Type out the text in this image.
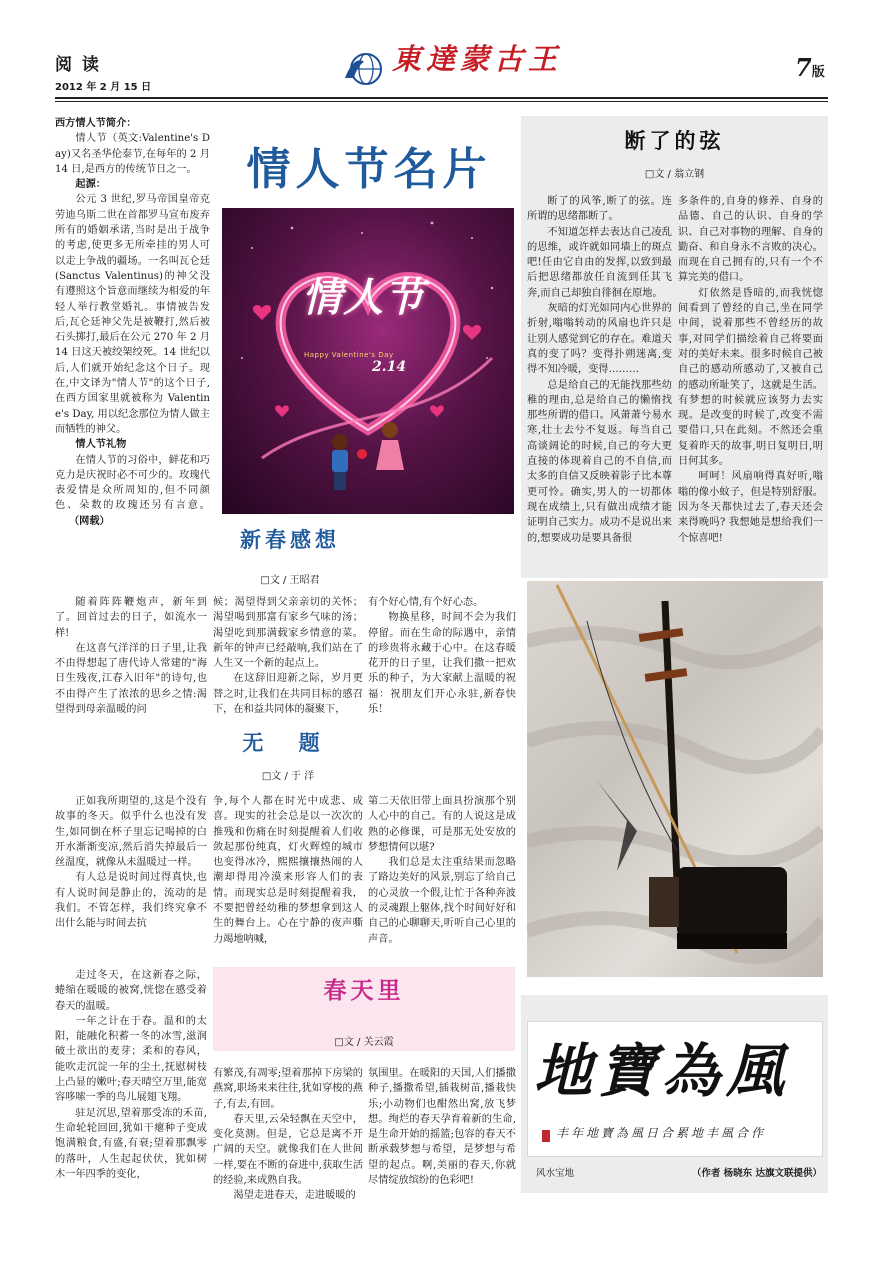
阅 读
2012 年 2 月 15 日
東達蒙古王	7版

西方情人节简介：

情人节（英文:Valentine's Day)又名圣华伦泰节,在每年的 2 月 14 日,是西方的传统节日之一。

起源：

公元 3 世纪,罗马帝国皇帝克劳迪乌斯二世在首都罗马宣布废弃所有的婚姻承诺,当时是出于战争的考虑,使更多无所牵挂的男人可以走上争战的疆场。一名叫瓦仑廷(Sanctus Valentinus)的神父没有遵照这个旨意而继续为相爱的年轻人举行教堂婚礼。事情被告发后,瓦仑廷神父先是被鞭打,然后被石头掷打,最后在公元 270 年 2 月 14 日这天被绞架绞死。14 世纪以后,人们就开始纪念这个日子。现在,中文译为"情人节"的这个日子,在西方国家里就被称为 Valentine's Day, 用以纪念那位为情人做主而牺牲的神父。

情人节礼物

在情人节的习俗中，鲜花和巧克力是庆祝时必不可少的。玫瑰代表爱情是众所周知的,但不同颜色、朵数的玫瑰还另有言意。（网载）

情人节名片
情人节
Happy Valentine's Day
2.14
断了的弦
□文 / 翁立钢

断了的风筝,断了的弦。连所谓的思绪都断了。

不知道怎样去表达自己凌乱的思维，或许就如同墙上的斑点吧!任由它自由的发挥,以致到最后把思绪都放任自流到任其飞奔,而自己却独自徘徊在原地。

灰暗的灯光如同内心世界的折射,嗡嗡转动的风扇也许只是让别人感觉到它的存在。难道天真的变了吗？变得扑朔迷离,变得不知冷暖，变得………

总是给自己的无能找那些幼稚的理由,总是给自己的懒惰找那些所谓的借口。风萧萧兮易水寒,壮士去兮不复返。每当自己高谈阔论的时候,自己的夸大更直接的体现着自己的不自信,而太多的自信又反映着影子比本尊更可怜。确实,男人的一切都体现在成绩上,只有做出成绩才能证明自己实力。成功不是说出来的,想要成功是要具备很

多条件的,自身的修养、自身的品德、自己的认识、自身的学识、自己对事物的理解、自身的勤奋、和自身永不言败的决心。而现在自己拥有的,只有一个不算完美的借口。

灯依然是昏暗的,而我恍惚间看到了曾经的自己,坐在同学中间，说着那些不曾经历的故事,对同学们描绘着自己将要面对的美好未来。很多时候自己被自己的感动所感动了,又被自己的感动所耻笑了，这就是生活。有梦想的时候就应该努力去实现。是改变的时候了,改变不需要借口,只在此刻。不然还会重复着昨天的故事,明日复明日,明日何其多。

呵呵！风扇响得真好听,嗡嗡的像小蚊子，但是特别舒服。因为冬天都快过去了,春天还会来得晚吗? 我想她是想给我们一个惊喜吧!

新春感想
□文 / 王昭君

随着阵阵鞭炮声，新年到了。回首过去的日子，如流水一样!

在这喜气洋洋的日子里,让我不由得想起了唐代诗人常建的"海日生残夜,江春入旧年"的诗句,也不由得产生了浓浓的思乡之情:渴望得到母亲温暖的问

候；渴望得到父亲亲切的关怀；渴望喝到那富有家乡气味的汤；渴望吃到那满载家乡情意的菜。新年的钟声已经敲响,我们站在了人生又一个新的起点上。

在这辞旧迎新之际，岁月更替之时,让我们在共同目标的感召下，在和益共同体的凝聚下，

有个好心情,有个好心态。

物换星移，时间不会为我们停留。而在生命的际遇中，亲情的珍贵将永藏于心中。在这春暖花开的日子里，让我们撒一把欢乐的种子，为大家献上温暖的祝福：祝朋友们开心永驻,新春快乐！

无 题
□文 / 于 洋

正如我所期望的,这是个没有故事的冬天。似乎什么也没有发生,如同倒在杯子里忘记喝掉的白开水渐渐变凉,然后消失掉最后一丝温度，就像从未温暖过一样。

有人总是说时间过得真快,也有人说时间是静止的，流动的是我们。不管怎样，我们终究拿不出什么能与时间去抗

争,每个人都在时光中成悲、成喜。现实的社会总是以一次次的推残和伤痛在时刻提醒着人们收敛起那份纯真，灯火辉煌的城市也变得冰冷，熙熙攘攘热闹的人潮却得用冷漠来形容人们的表情。而现实总是时刻提醒着我，不要把曾经幼稚的梦想拿到这人生的舞台上。心在宁静的夜声嘶力竭地呐喊，

第二天依旧带上面具扮演那个别人心中的自己。有的人说这是成熟的必修课，可是那无处安放的梦想情何以堪?

我们总是太注重结果而忽略了路边美好的风景,别忘了给自己的心灵放一个假,让忙于各种奔波的灵魂跟上躯体,找个时间好好和自己的心聊聊天,听听自己心里的声音。

春天里
□文 / 关云霞

走过冬天，在这新春之际，蜷缩在暖暖的被窝,恍惚在感受着春天的温暖。

一年之计在于春。温和的太阳，能融化积蓄一冬的冰雪,滋润破土欲出的麦芽；柔和的春风，能吹走沉淀一年的尘土,抚慰树枝上凸显的嫩叶;春天晴空万里,能宽容哆嗦一季的鸟儿展翅飞翔。

驻足沉思,望着那受冻的禾苗,生命轮轮回回,犹如干瘪种子变成饱满粮食,有盛,有衰;望着那飘零的落叶，人生起起伏伏，犹如树木一年四季的变化，

有繁茂,有凋零;望着那掉下房梁的燕窝,职场来来往往,犹如穿梭的燕子,有去,有回。

春天里,云朵轻飘在天空中，变化莫测。但是，它总是离不开广阔的天空。就像我们在人世间一样,要在不断的奋进中,获取生活的经验,来成熟自我。

渴望走进春天，走进暖暖的

氛围里。在暖阳的天国,人们播撒种子,播撒希望,插栽树苗,播栽快乐;小动物们也酣然出窝,放飞梦想。绚烂的春天孕育着新的生命,是生命开始的摇篮;包容的春天不断承载梦想与希望，是梦想与希望的起点。啊,美丽的春天,你就尽情绽放缤纷的色彩吧!

地寶為風
丰年地寶為風日合累地丰風合作
风水宝地	（作者 杨晓东 达旗文联提供）
